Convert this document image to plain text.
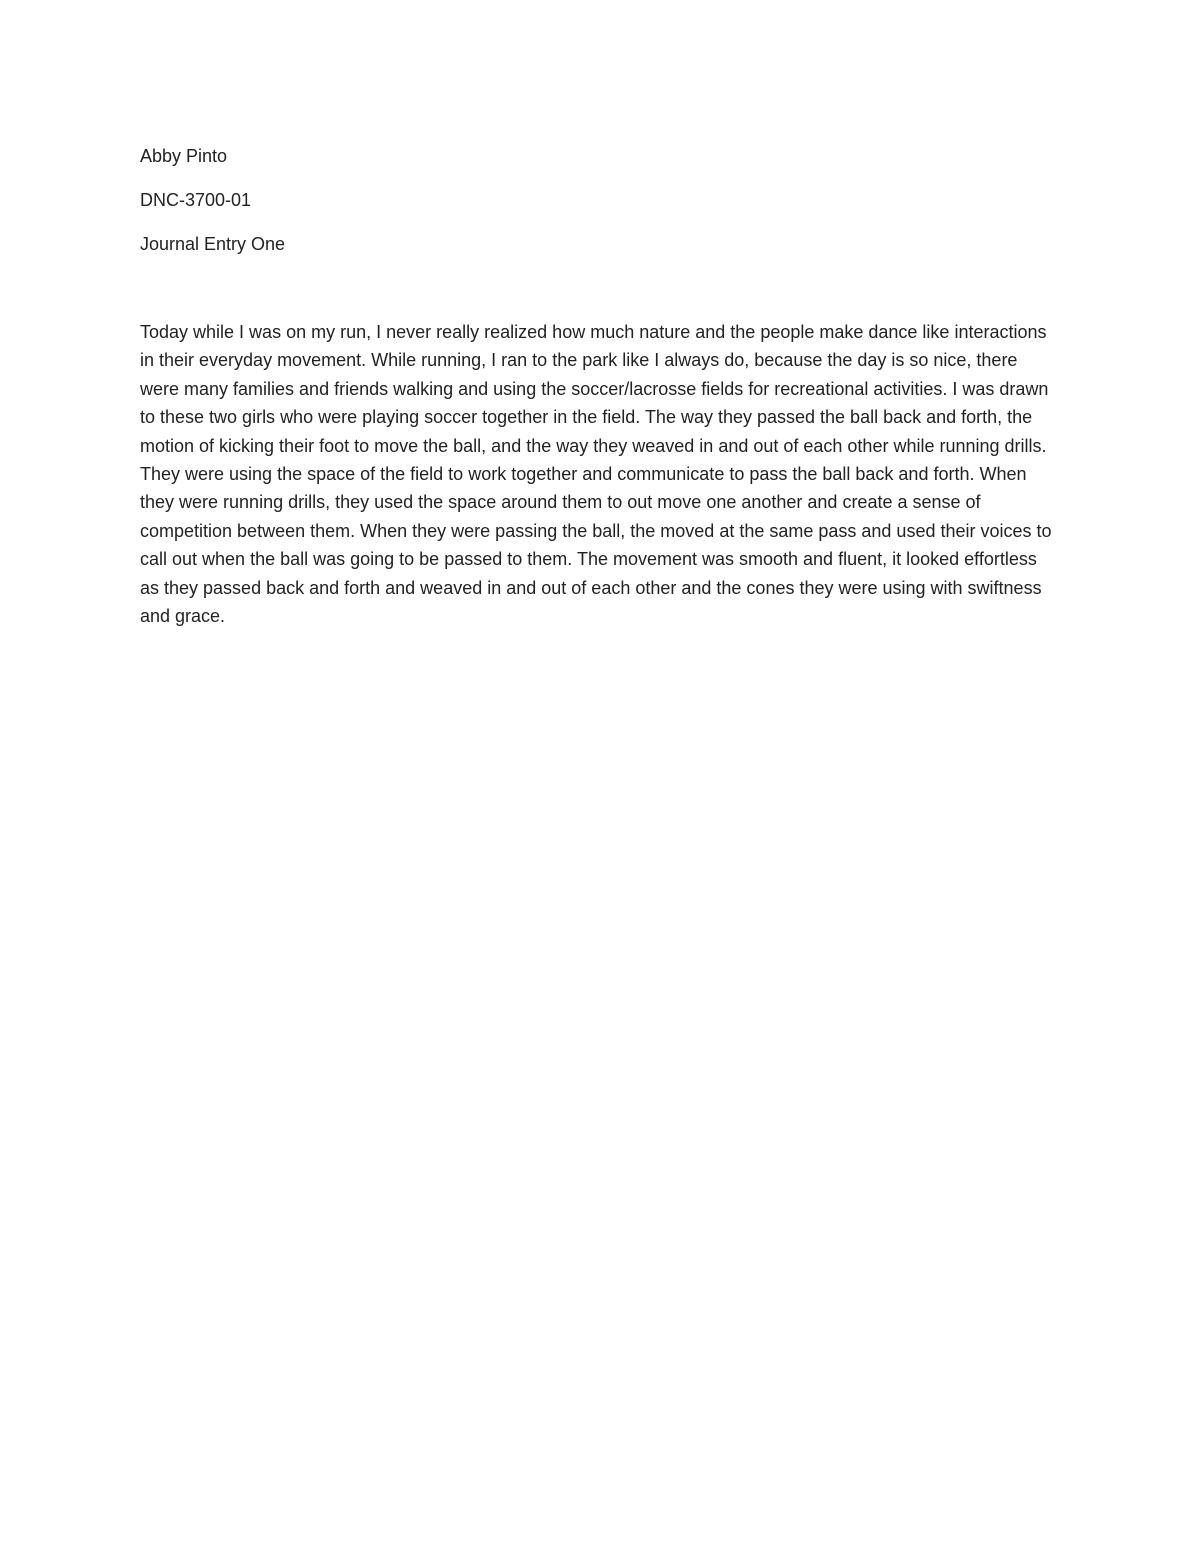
Abby Pinto

DNC-3700-01

Journal Entry One

Today while I was on my run, I never really realized how much nature and the people make dance like interactions in their everyday movement. While running, I ran to the park like I always do, because the day is so nice, there were many families and friends walking and using the soccer/lacrosse fields for recreational activities. I was drawn to these two girls who were playing soccer together in the field. The way they passed the ball back and forth, the motion of kicking their foot to move the ball, and the way they weaved in and out of each other while running drills. They were using the space of the field to work together and communicate to pass the ball back and forth. When they were running drills, they used the space around them to out move one another and create a sense of competition between them. When they were passing the ball, the moved at the same pass and used their voices to call out when the ball was going to be passed to them. The movement was smooth and fluent, it looked effortless as they passed back and forth and weaved in and out of each other and the cones they were using with swiftness and grace.
